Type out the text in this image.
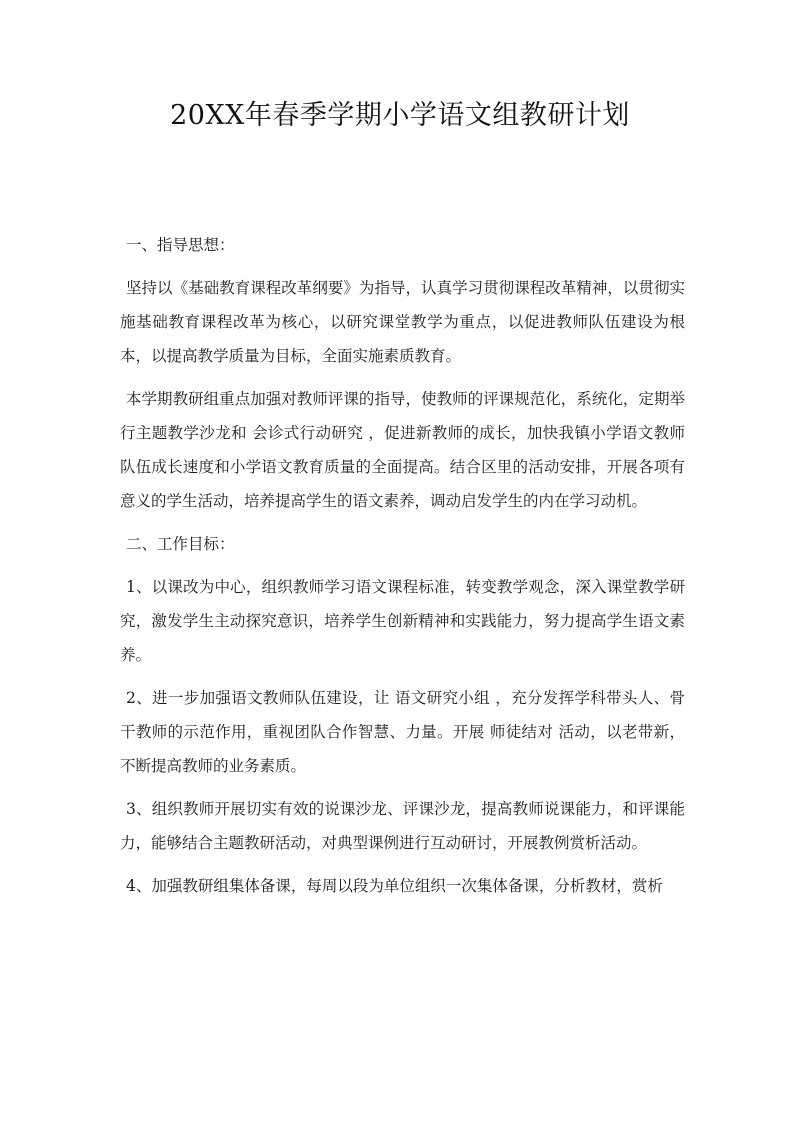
20XX年春季学期小学语文组教研计划

一、指导思想：

坚持以《基础教育课程改革纲要》为指导，认真学习贯彻课程改革精神，以贯彻实施基础教育课程改革为核心，以研究课堂教学为重点，以促进教师队伍建设为根本，以提高教学质量为目标，全面实施素质教育。

本学期教研组重点加强对教师评课的指导，使教师的评课规范化，系统化，定期举行主题教学沙龙和 会诊式行动研究 ，促进新教师的成长，加快我镇小学语文教师队伍成长速度和小学语文教育质量的全面提高。结合区里的活动安排，开展各项有意义的学生活动，培养提高学生的语文素养，调动启发学生的内在学习动机。

二、工作目标：

1、以课改为中心，组织教师学习语文课程标准，转变教学观念，深入课堂教学研究，激发学生主动探究意识，培养学生创新精神和实践能力，努力提高学生语文素养。

2、进一步加强语文教师队伍建设，让 语文研究小组 ，充分发挥学科带头人、骨干教师的示范作用，重视团队合作智慧、力量。开展 师徒结对 活动，以老带新，不断提高教师的业务素质。

3、组织教师开展切实有效的说课沙龙、评课沙龙，提高教师说课能力，和评课能力，能够结合主题教研活动，对典型课例进行互动研讨，开展教例赏析活动。

4、加强教研组集体备课，每周以段为单位组织一次集体备课，分析教材，赏析
